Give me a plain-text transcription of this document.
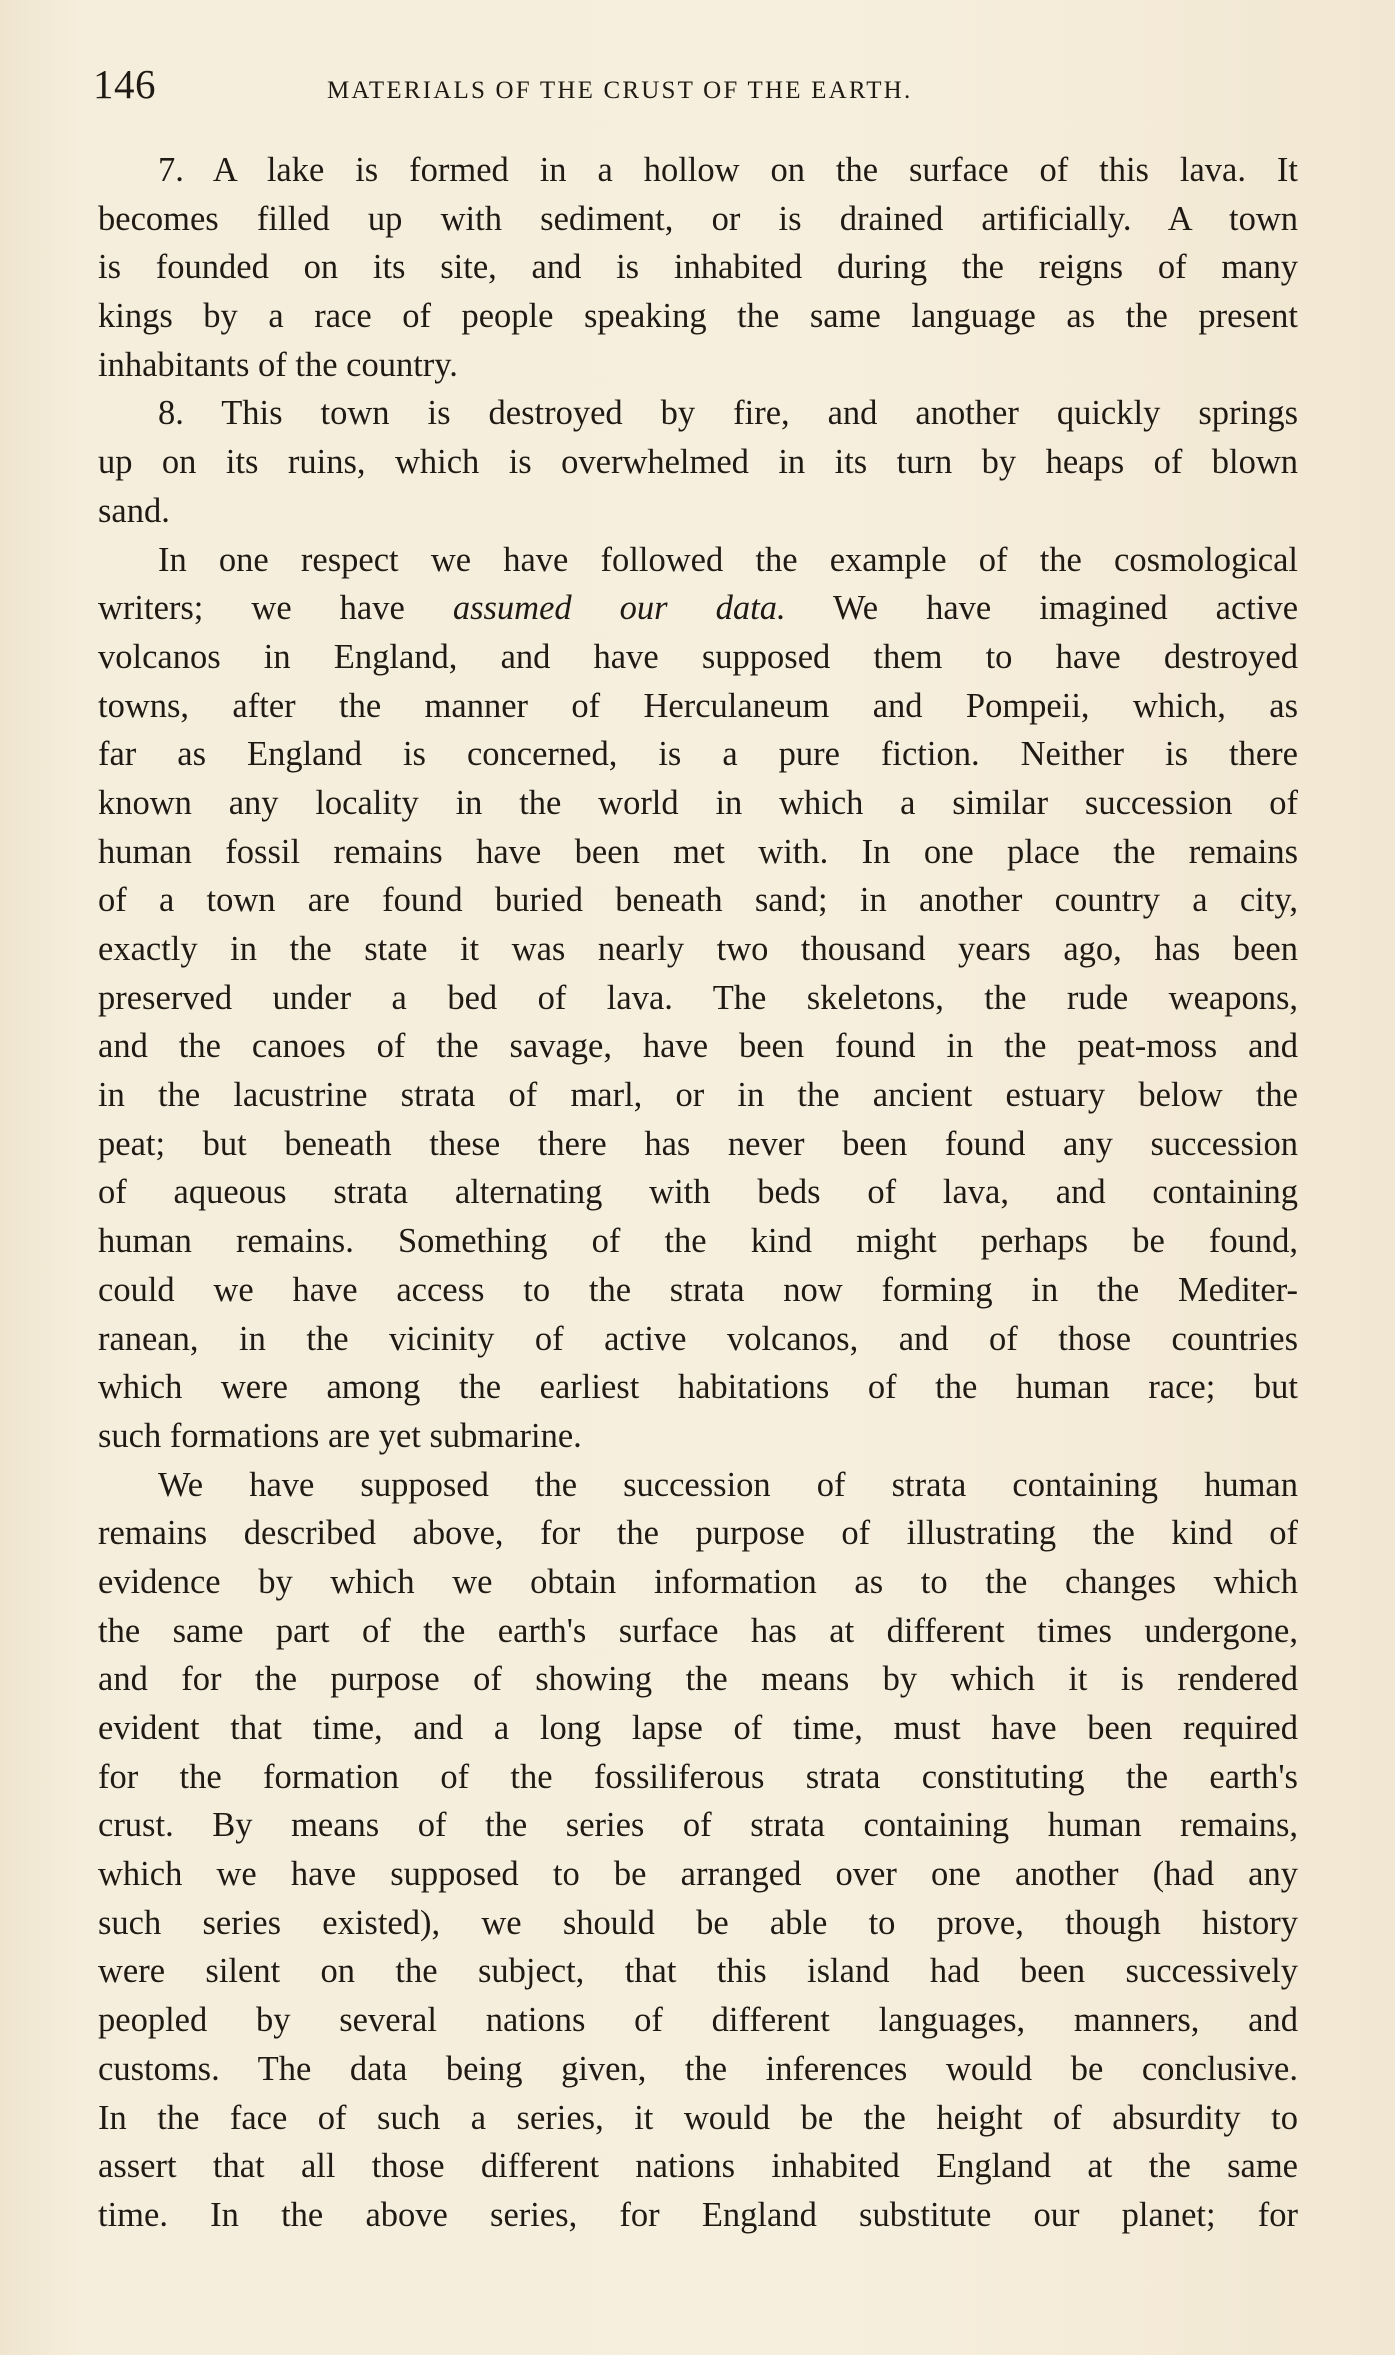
146	MATERIALS OF THE CRUST OF THE EARTH.
7. A lake is formed in a hollow on the surface of this lava. It
becomes filled up with sediment, or is drained artificially. A town
is founded on its site, and is inhabited during the reigns of many
kings by a race of people speaking the same language as the present
inhabitants of the country.
8. This town is destroyed by fire, and another quickly springs
up on its ruins, which is overwhelmed in its turn by heaps of blown
sand.
In one respect we have followed the example of the cosmological
writers; we have assumed our data. We have imagined active
volcanos in England, and have supposed them to have destroyed
towns, after the manner of Herculaneum and Pompeii, which, as
far as England is concerned, is a pure fiction. Neither is there
known any locality in the world in which a similar succession of
human fossil remains have been met with. In one place the remains
of a town are found buried beneath sand; in another country a city,
exactly in the state it was nearly two thousand years ago, has been
preserved under a bed of lava. The skeletons, the rude weapons,
and the canoes of the savage, have been found in the peat-moss and
in the lacustrine strata of marl, or in the ancient estuary below the
peat; but beneath these there has never been found any succession
of aqueous strata alternating with beds of lava, and containing
human remains. Something of the kind might perhaps be found,
could we have access to the strata now forming in the Mediter-
ranean, in the vicinity of active volcanos, and of those countries
which were among the earliest habitations of the human race; but
such formations are yet submarine.
We have supposed the succession of strata containing human
remains described above, for the purpose of illustrating the kind of
evidence by which we obtain information as to the changes which
the same part of the earth's surface has at different times undergone,
and for the purpose of showing the means by which it is rendered
evident that time, and a long lapse of time, must have been required
for the formation of the fossiliferous strata constituting the earth's
crust. By means of the series of strata containing human remains,
which we have supposed to be arranged over one another (had any
such series existed), we should be able to prove, though history
were silent on the subject, that this island had been successively
peopled by several nations of different languages, manners, and
customs. The data being given, the inferences would be conclusive.
In the face of such a series, it would be the height of absurdity to
assert that all those different nations inhabited England at the same
time. In the above series, for England substitute our planet; for
